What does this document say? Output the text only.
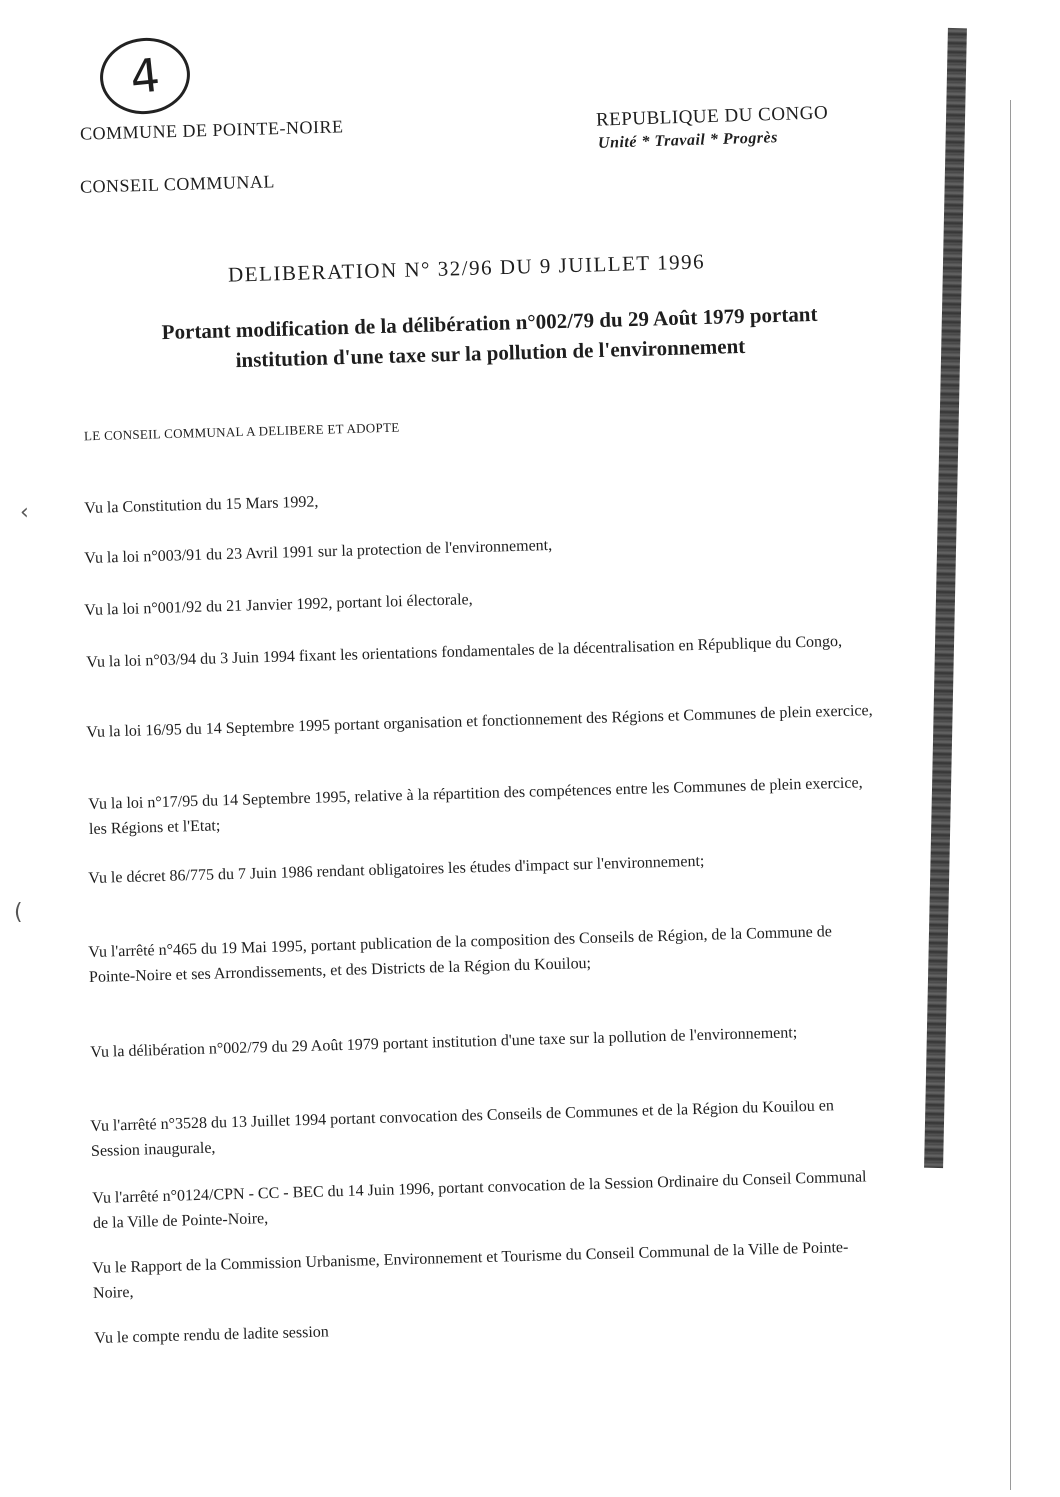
4
COMMUNE DE POINTE-NOIRE
CONSEIL COMMUNAL
REPUBLIQUE DU CONGO
Unité * Travail * Progrès
DELIBERATION N° 32/96 DU 9 JUILLET 1996
Portant modification de la délibération n°002/79 du 29 Août 1979 portant institution d'une taxe sur la pollution de l'environnement
LE CONSEIL COMMUNAL A DELIBERE ET ADOPTE
Vu la Constitution du 15 Mars 1992,
Vu la loi n°003/91 du 23 Avril 1991 sur la protection de l'environnement,
Vu la loi n°001/92 du 21 Janvier 1992, portant loi électorale,
Vu la loi n°03/94 du 3 Juin 1994 fixant les orientations fondamentales de la décentralisation en République du Congo,
Vu la loi 16/95 du 14 Septembre 1995 portant organisation et fonctionnement des Régions et Communes de plein exercice,
Vu la loi n°17/95 du 14 Septembre 1995, relative à la répartition des compétences entre les Communes de plein exercice, les Régions et l'Etat;
Vu le décret 86/775 du 7 Juin 1986 rendant obligatoires les études d'impact sur l'environnement;
Vu l'arrêté n°465 du 19 Mai 1995, portant publication de la composition des Conseils de Région, de la Commune de Pointe-Noire et ses Arrondissements, et des Districts de la Région du Kouilou;
Vu la délibération n°002/79 du 29 Août 1979 portant institution d'une taxe sur la pollution de l'environnement;
Vu l'arrêté n°3528 du 13 Juillet 1994 portant convocation des Conseils de Communes et de la Région du Kouilou en Session inaugurale,
Vu l'arrêté n°0124/CPN - CC - BEC du 14 Juin 1996, portant convocation de la Session Ordinaire du Conseil Communal de la Ville de Pointe-Noire,
Vu le Rapport de la Commission Urbanisme, Environnement et Tourisme du Conseil Communal de la Ville de Pointe-Noire,
Vu le compte rendu de ladite session
‹
(
